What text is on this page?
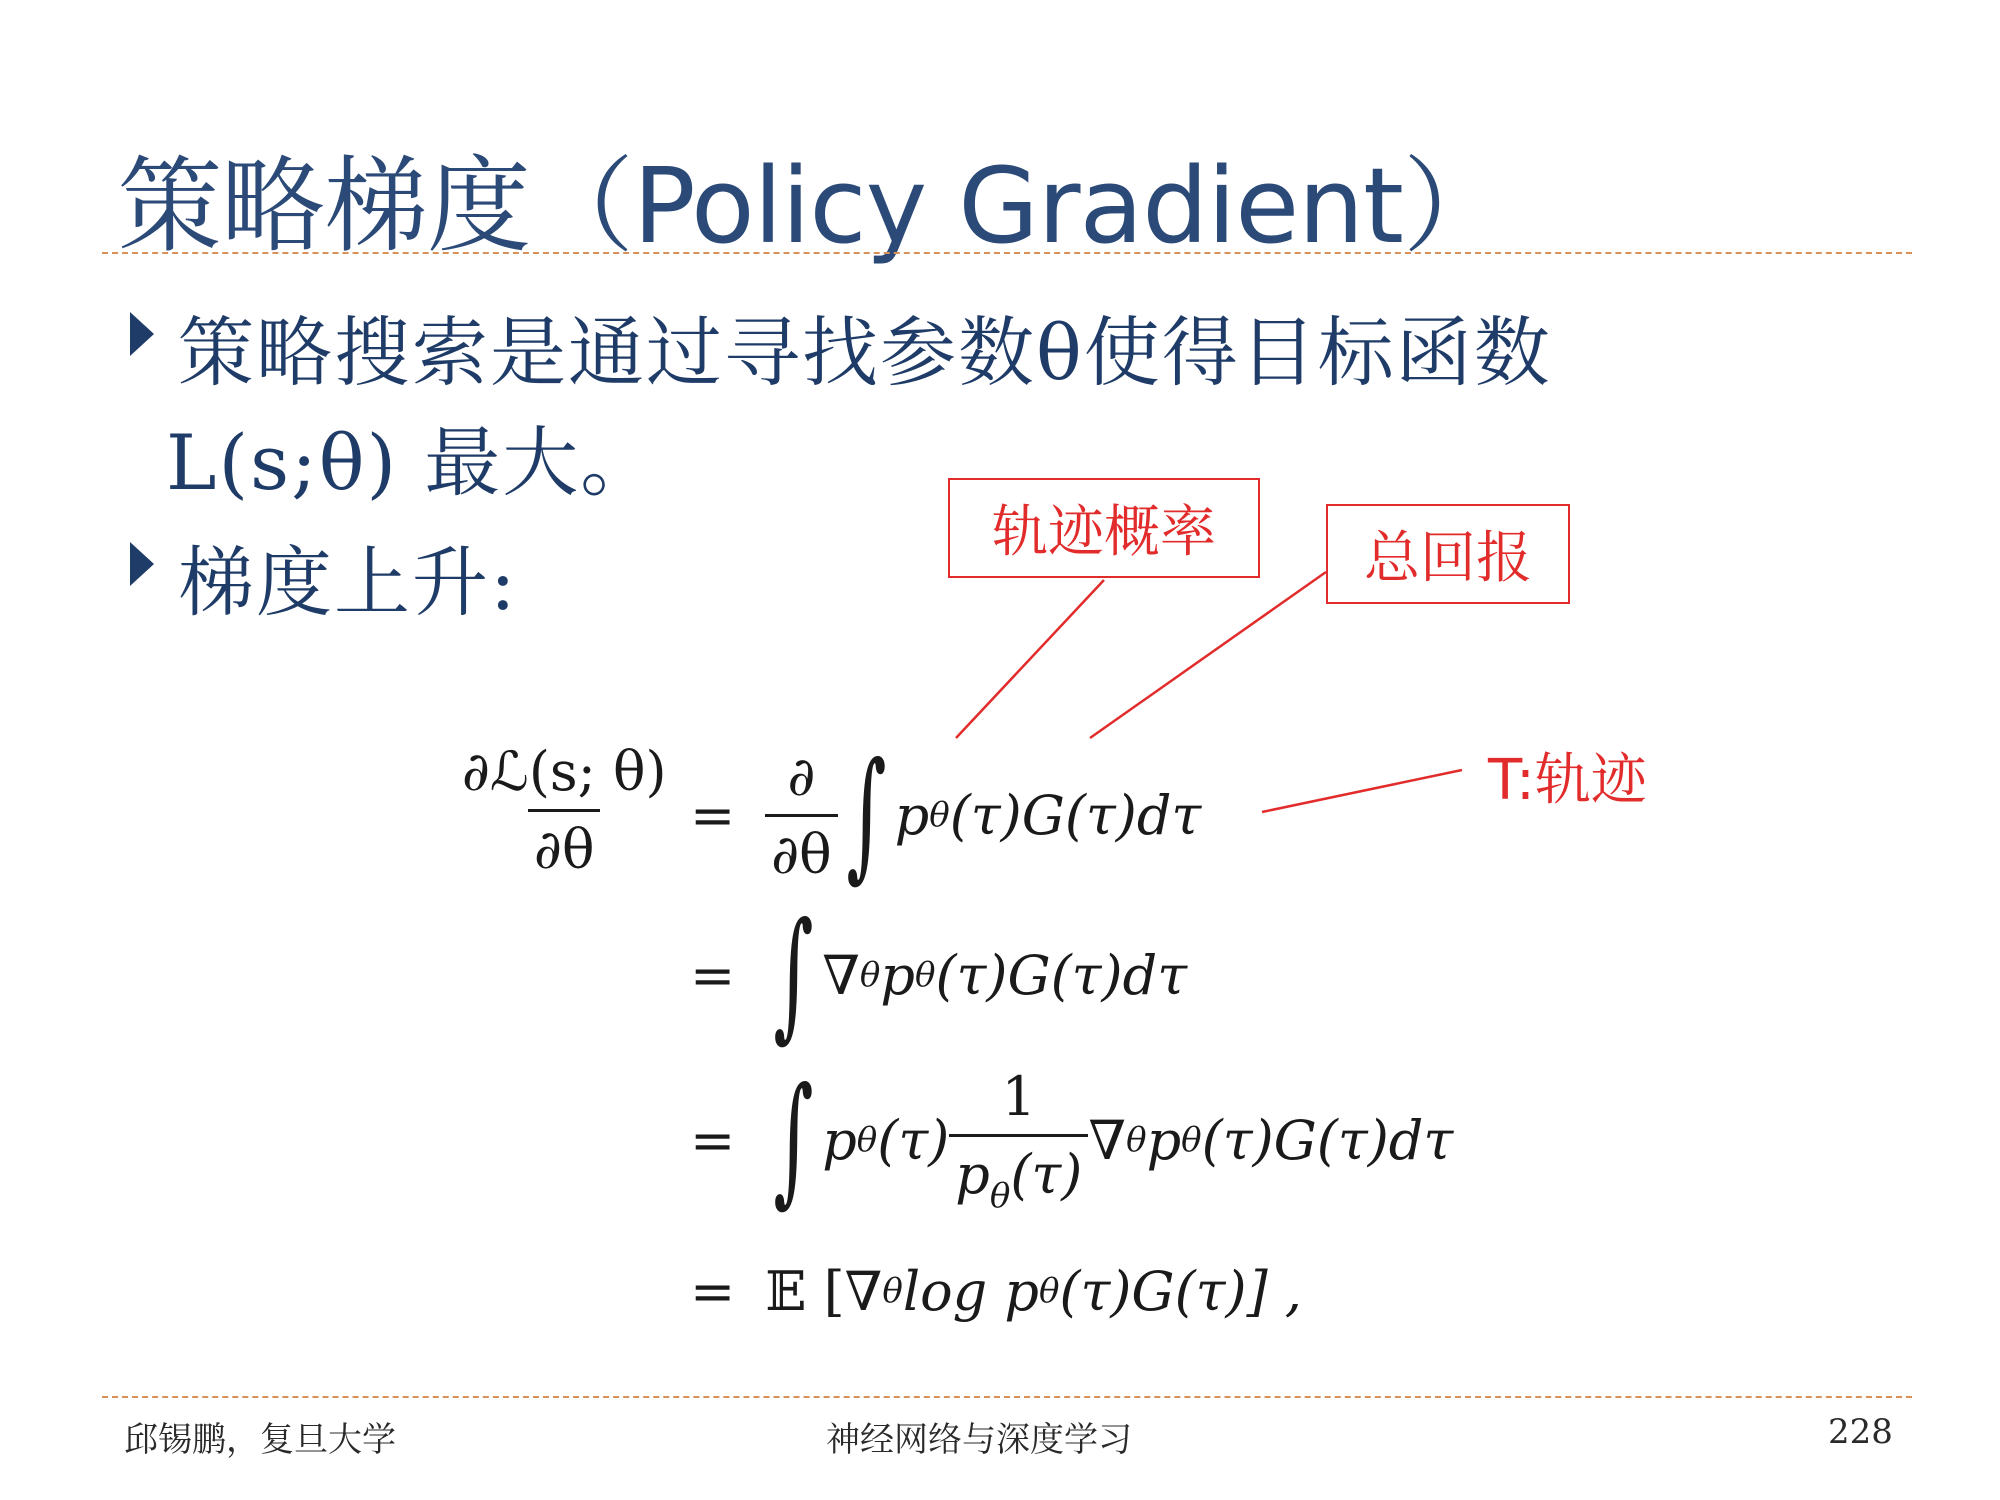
策略梯度（Policy Gradient）
策略搜索是通过寻找参数θ使得目标函数
L(s;θ) 最大。
梯度上升:
轨迹概率	总回报
T:轨迹
$\frac{\text{∂ℒ(s; θ)}}{\partial\theta} = \frac{\partial}{\partial\theta}$ ∫ p θ (τ)G(τ)dτ
= ∫ ∇ θ p θ (τ)G(τ)dτ
= ∫ p θ $(\tau) \frac{1}{p_\theta(\tau)}$ ∇ θ p θ (τ)G(τ)dτ
= 𝔼 [∇ θ log p θ (τ)G(τ)] ,
邱锡鹏，复旦大学	神经网络与深度学习	228
